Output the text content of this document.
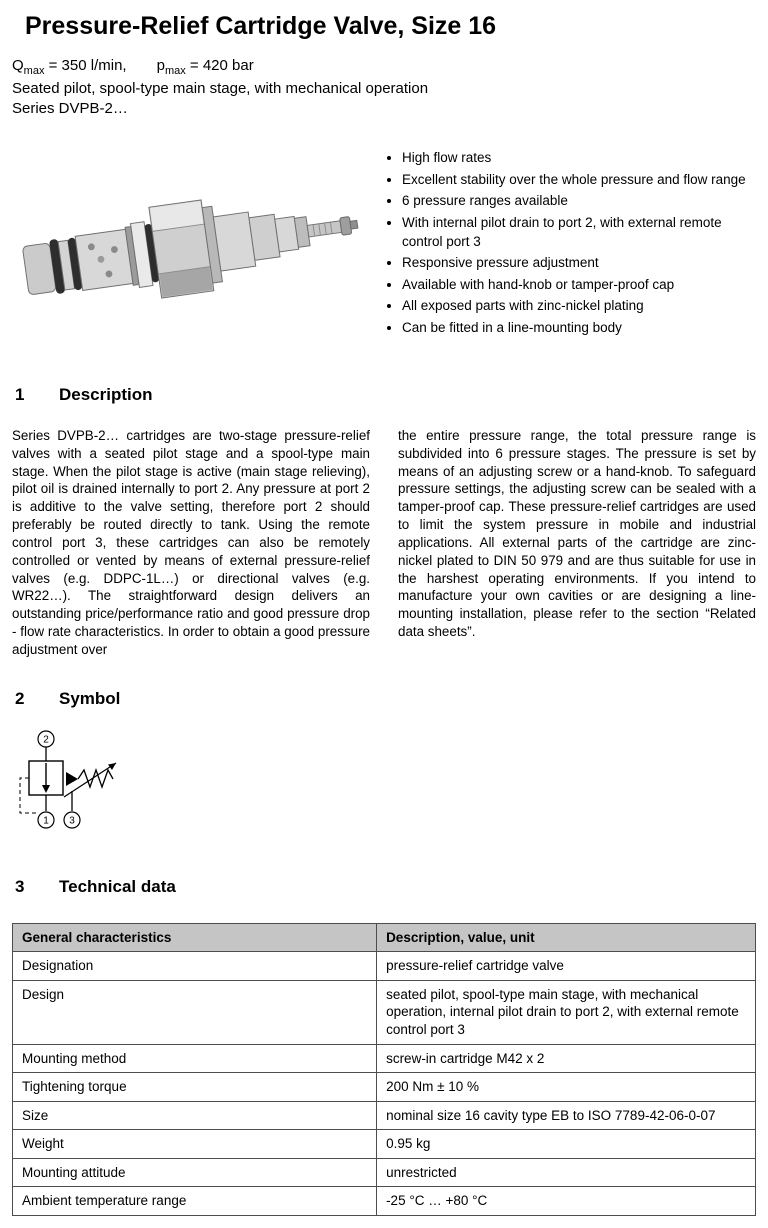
Pressure-Relief Cartridge Valve, Size 16
$Q_{max} = 350$ l/min, $p_{max} = 420$ bar
Seated pilot, spool-type main stage, with mechanical operation
Series DVPB-2…
• High flow rates
• Excellent stability over the whole pressure and flow range
• 6 pressure ranges available
• With internal pilot drain to port 2, with external remote control port 3
• Responsive pressure adjustment
• Available with hand-knob or tamper-proof cap
• All exposed parts with zinc-nickel plating
• Can be fitted in a line-mounting body
1 Description

Series DVPB-2… cartridges are two-stage pressure-relief valves with a seated pilot stage and a spool-type main stage. When the pilot stage is active (main stage relieving), pilot oil is drained internally to port 2. Any pressure at port 2 is additive to the valve setting, therefore port 2 should preferably be routed directly to tank. Using the remote control port 3, these cartridges can also be remotely controlled or vented by means of external pressure-relief valves (e.g. DDPC-1L…) or directional valves (e.g. WR22…). The straightforward design delivers an outstanding price/performance ratio and good pressure drop - flow rate characteristics. In order to obtain a good pressure adjustment over

the entire pressure range, the total pressure range is subdivided into 6 pressure stages. The pressure is set by means of an adjusting screw or a hand-knob. To safeguard pressure settings, the adjusting screw can be sealed with a tamper-proof cap. These pressure-relief cartridges are used to limit the system pressure in mobile and industrial applications. All external parts of the cartridge are zinc-nickel plated to DIN 50 979 and are thus suitable for use in the harshest operating environments. If you intend to manufacture your own cavities or are designing a line-mounting installation, please refer to the section “Related data sheets”.

2 Symbol
2
1 3
3 Technical data
General characteristics	Description, value, unit
Designation	pressure-relief cartridge valve
Design	seated pilot, spool-type main stage, with mechanical operation, internal pilot drain to port 2, with external remote control port 3
Mounting method	screw-in cartridge M42 x 2
Tightening torque	200 Nm ± 10 %
Size	nominal size 16 cavity type EB to ISO 7789-42-06-0-07
Weight	0.95 kg
Mounting attitude	unrestricted
Ambient temperature range	-25 °C … +80 °C
